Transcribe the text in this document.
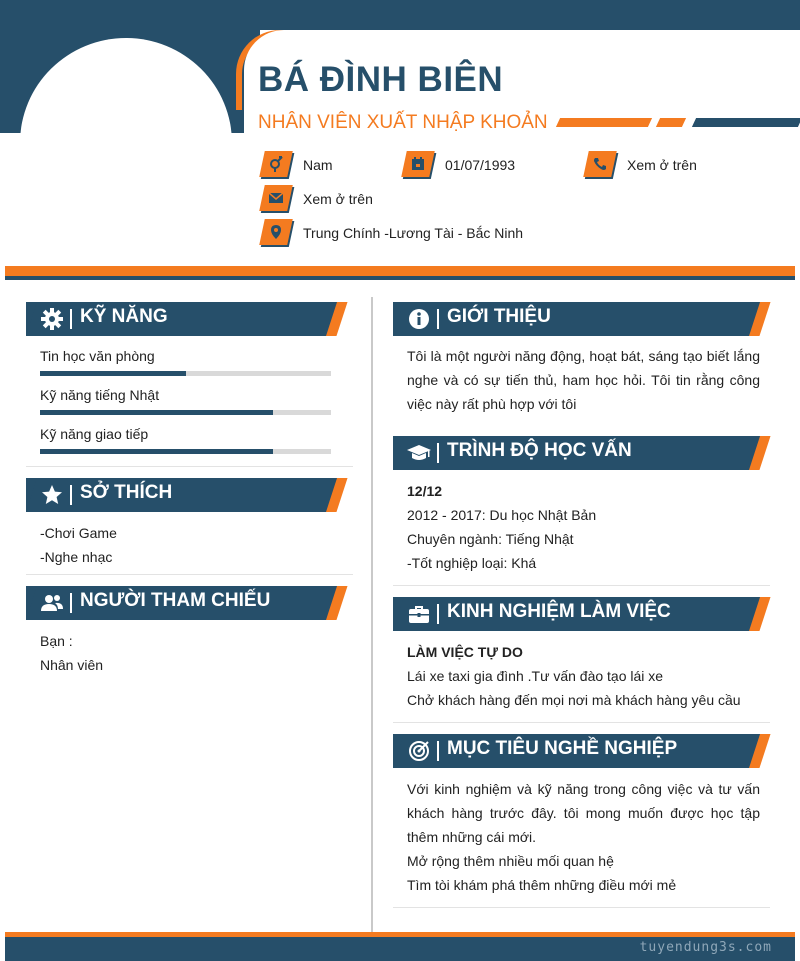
BÁ ĐÌNH BIÊN
NHÂN VIÊN XUẤT NHẬP KHOẢN
Nam	01/07/1993	Xem ở trên
Xem ở trên
Trung Chính -Lương Tài - Bắc Ninh
KỸ NĂNG
Tin học văn phòng
Kỹ năng tiếng Nhật
Kỹ năng giao tiếp
SỞ THÍCH
-Chơi Game
-Nghe nhạc
NGƯỜI THAM CHIẾU
Bạn :
Nhân viên
GIỚI THIỆU
Tôi là một người năng động, hoạt bát, sáng tạo biết lắng nghe và có sự tiến thủ, ham học hỏi. Tôi tin rằng công việc này rất phù hợp với tôi
TRÌNH ĐỘ HỌC VẤN
12/12
2012 - 2017: Du học Nhật Bản
Chuyên ngành: Tiếng Nhật
-Tốt nghiệp loại: Khá
KINH NGHIỆM LÀM VIỆC
LÀM VIỆC TỰ DO
Lái xe taxi gia đình .Tư vấn đào tạo lái xe
Chở khách hàng đến mọi nơi mà khách hàng yêu cầu
MỤC TIÊU NGHỀ NGHIỆP
Với kinh nghiệm và kỹ năng trong công việc và tư vấn khách hàng trước đây. tôi mong muốn được học tập thêm những cái mới.
Mở rộng thêm nhiều mối quan hệ
Tìm tòi khám phá thêm những điều mới mẻ
tuyendung3s.com
